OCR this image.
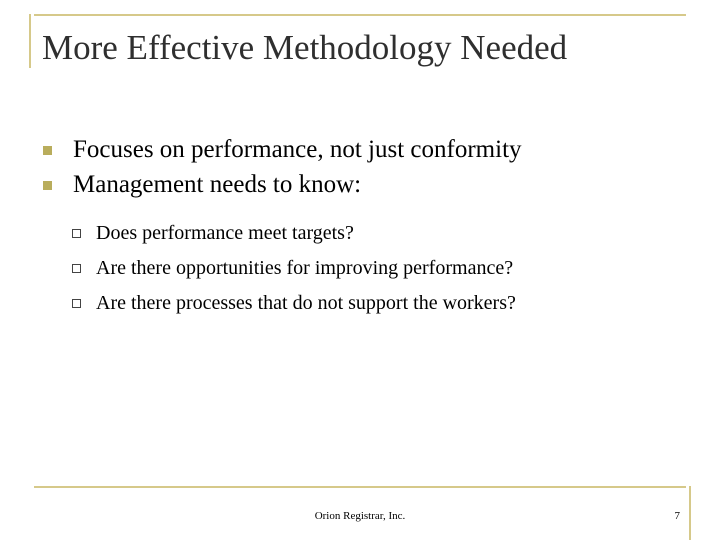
More Effective Methodology Needed
Focuses on performance, not just conformity
Management needs to know:
Does performance meet targets?
Are there opportunities for improving performance?
Are there processes that do not support the workers?
Orion Registrar, Inc.	7
